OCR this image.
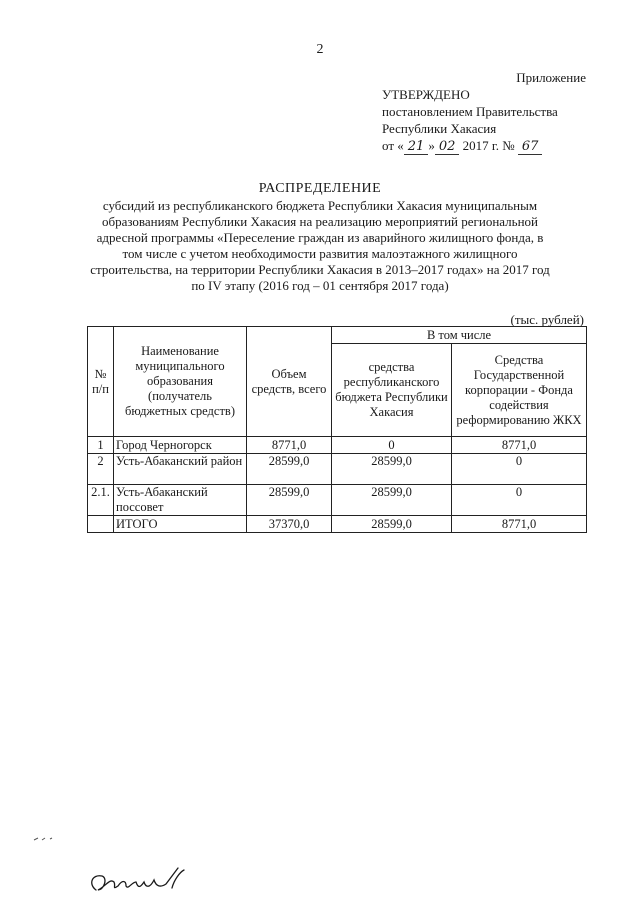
2
Приложение
УТВЕРЖДЕНО
постановлением Правительства
Республики Хакасия
от « 21 » 02 2017 г. № 67
РАСПРЕДЕЛЕНИЕ
субсидий из республиканского бюджета Республики Хакасия муниципальным
образованиям Республики Хакасия на реализацию мероприятий региональной
адресной программы «Переселение граждан из аварийного жилищного фонда, в
том числе с учетом необходимости развития малоэтажного жилищного
строительства, на территории Республики Хакасия в 2013–2017 годах» на 2017 год
по IV этапу (2016 год – 01 сентября 2017 года)
(тыс. рублей)
№ п/п	Наименование муниципального образования (получатель бюджетных средств)	Объем средств, всего	В том числе	
			средства республиканского бюджета Республики Хакасия	Средства Государственной корпорации - Фонда содействия реформированию ЖКХ
1	Город Черногорск	8771,0	0	8771,0
2	Усть-Абаканский район	28599,0	28599,0	0
2.1.	Усть-Абаканский поссовет	28599,0	28599,0	0
	ИТОГО	37370,0	28599,0	8771,0
